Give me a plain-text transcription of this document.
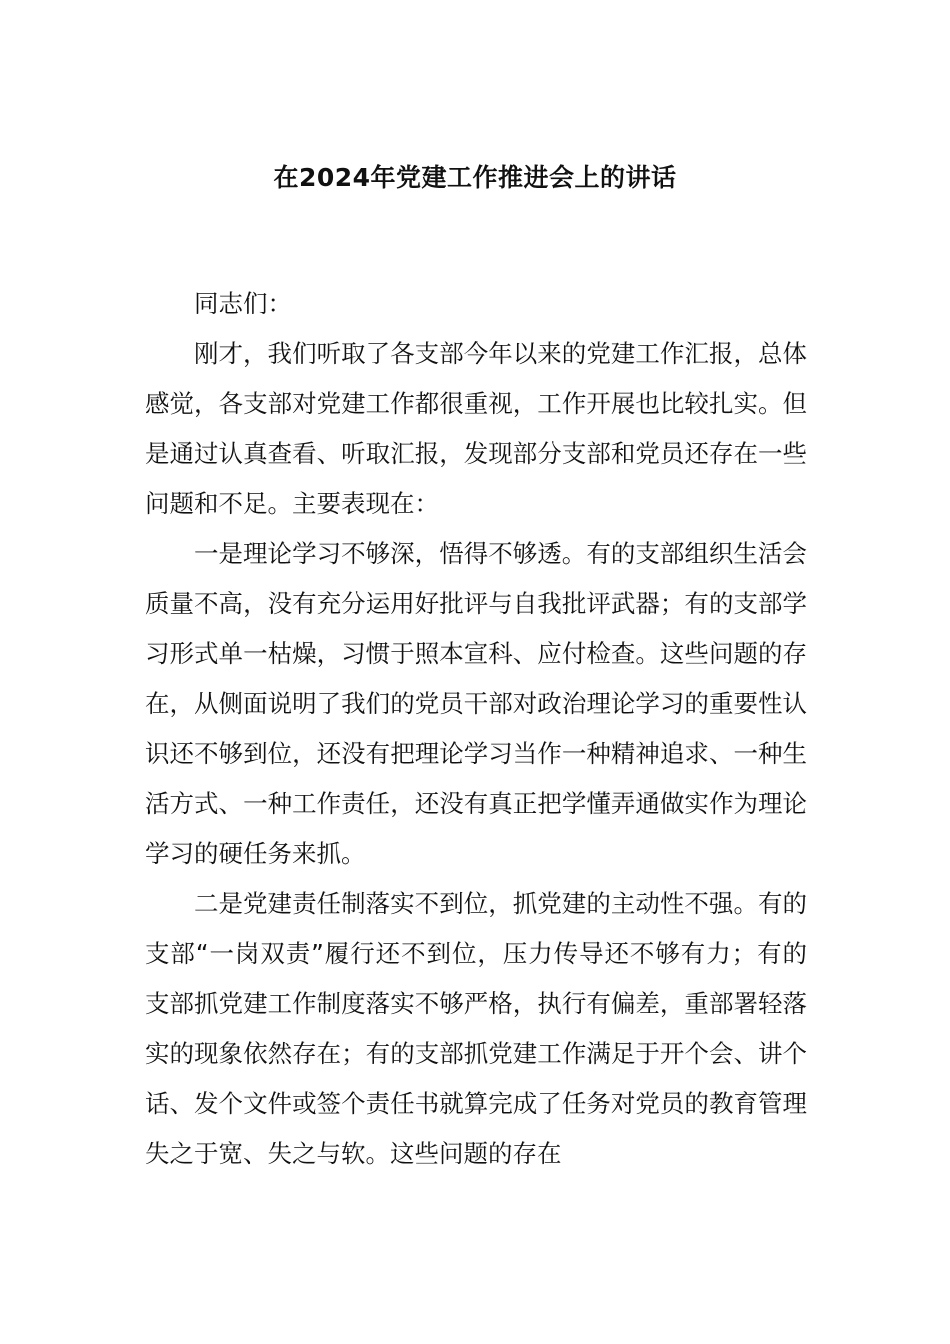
在2024年党建工作推进会上的讲话

同志们：

刚才，我们听取了各支部今年以来的党建工作汇报，总体感觉，各支部对党建工作都很重视，工作开展也比较扎实。但是通过认真查看、听取汇报，发现部分支部和党员还存在一些问题和不足。主要表现在：

一是理论学习不够深，悟得不够透。有的支部组织生活会质量不高，没有充分运用好批评与自我批评武器；有的支部学习形式单一枯燥，习惯于照本宣科、应付检查。这些问题的存在，从侧面说明了我们的党员干部对政治理论学习的重要性认识还不够到位，还没有把理论学习当作一种精神追求、一种生活方式、一种工作责任，还没有真正把学懂弄通做实作为理论学习的硬任务来抓。

二是党建责任制落实不到位，抓党建的主动性不强。有的支部“一岗双责”履行还不到位，压力传导还不够有力；有的支部抓党建工作制度落实不够严格，执行有偏差，重部署轻落实的现象依然存在；有的支部抓党建工作满足于开个会、讲个话、发个文件或签个责任书就算完成了任务对党员的教育管理失之于宽、失之与软。这些问题的存在
